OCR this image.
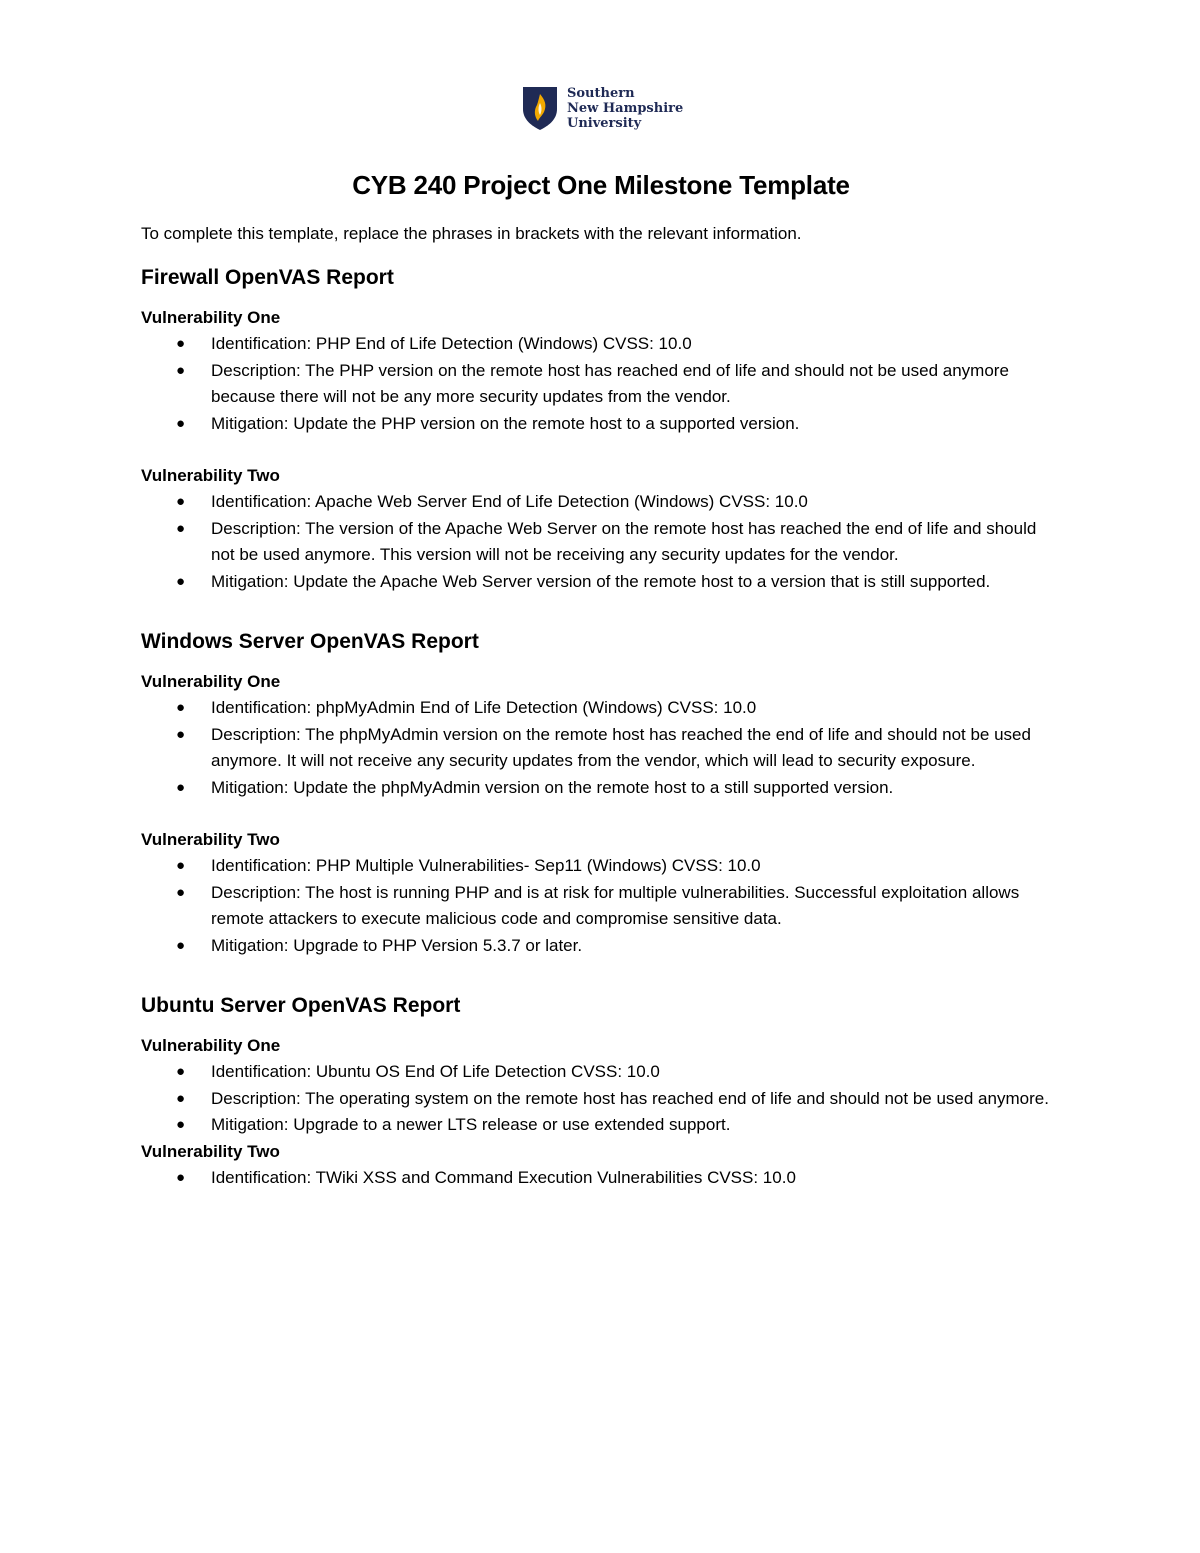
Southern
New Hampshire
University
CYB 240 Project One Milestone Template

To complete this template, replace the phrases in brackets with the relevant information.

Firewall OpenVAS Report
Vulnerability One
●	Identification: PHP End of Life Detection (Windows) CVSS: 10.0
●	Description: The PHP version on the remote host has reached end of life and should not be used anymore because there will not be any more security updates from the vendor.
●	Mitigation: Update the PHP version on the remote host to a supported version.
Vulnerability Two
●	Identification: Apache Web Server End of Life Detection (Windows) CVSS: 10.0
●	Description: The version of the Apache Web Server on the remote host has reached the end of life and should not be used anymore. This version will not be receiving any security updates for the vendor.
●	Mitigation: Update the Apache Web Server version of the remote host to a version that is still supported.
Windows Server OpenVAS Report
Vulnerability One
●	Identification: phpMyAdmin End of Life Detection (Windows) CVSS: 10.0
●	Description: The phpMyAdmin version on the remote host has reached the end of life and should not be used anymore. It will not receive any security updates from the vendor, which will lead to security exposure.
●	Mitigation: Update the phpMyAdmin version on the remote host to a still supported version.
Vulnerability Two
●	Identification: PHP Multiple Vulnerabilities- Sep11 (Windows) CVSS: 10.0
●	Description: The host is running PHP and is at risk for multiple vulnerabilities. Successful exploitation allows remote attackers to execute malicious code and compromise sensitive data.
●	Mitigation: Upgrade to PHP Version 5.3.7 or later.
Ubuntu Server OpenVAS Report
Vulnerability One
●	Identification: Ubuntu OS End Of Life Detection CVSS: 10.0
●	Description: The operating system on the remote host has reached end of life and should not be used anymore.
●	Mitigation: Upgrade to a newer LTS release or use extended support.
Vulnerability Two
●	Identification: TWiki XSS and Command Execution Vulnerabilities CVSS: 10.0
